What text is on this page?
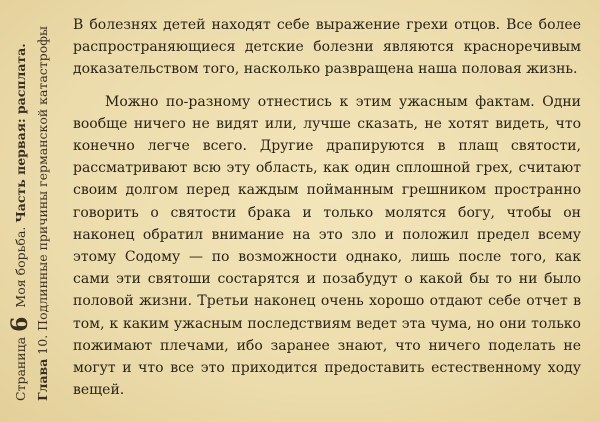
Страница6 Моя борьба. Часть первая: расплата.
Глава 10. Подлинные причины германской катастрофы

В болезнях детей находят себе выражение грехи отцов. Все более распространяющиеся детские болезни являются красноречивым доказательством того, насколько развращена наша половая жизнь.

Можно по-разному отнестись к этим ужасным фактам. Одни вообще ничего не видят или, лучше сказать, не хотят видеть, что конечно легче всего. Другие драпируются в плащ святости, рассматривают всю эту область, как один сплошной грех, считают своим долгом перед каждым пойманным грешником пространно говорить о святости брака и только молятся богу, чтобы он наконец обратил внимание на это зло и положил предел всему этому Содому — по возможности однако, лишь после того, как сами эти святоши состарятся и позабудут о какой бы то ни было половой жизни. Третьи наконец очень хорошо отдают себе отчет в том, к каким ужасным последствиям ведет эта чума, но они только пожимают плечами, ибо заранее знают, что ничего поделать не могут и что все это приходится предоставить естественному ходу вещей.
